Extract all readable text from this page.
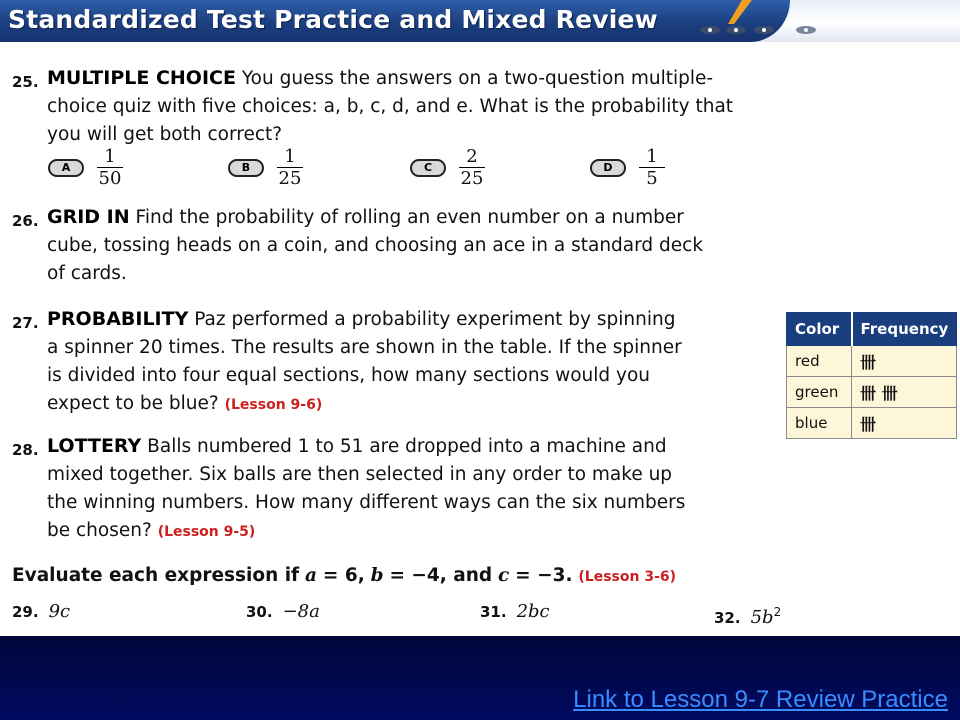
Standardized Test Practice and Mixed Review
25. MULTIPLE CHOICE You guess the answers on a two-question multiple-
choice quiz with five choices: a, b, c, d, and e. What is the probability that
you will get both correct?
A
1
50
B
1
25
C
2
25
D
1
5
26. GRID IN Find the probability of rolling an even number on a number
cube, tossing heads on a coin, and choosing an ace in a standard deck
of cards.
27. PROBABILITY Paz performed a probability experiment by spinning
a spinner 20 times. The results are shown in the table. If the spinner
is divided into four equal sections, how many sections would you
expect to be blue? (Lesson 9-6)
Color	Frequency
red	卌
green	卌 卌
blue	卌
28. LOTTERY Balls numbered 1 to 51 are dropped into a machine and
mixed together. Six balls are then selected in any order to make up
the winning numbers. How many different ways can the six numbers
be chosen? (Lesson 9-5)
Evaluate each expression if a = 6, b = −4, and c = −3. (Lesson 3-6)
29. 9c	30. −8a	31. 2bc	32. $5b^2$
Link to Lesson 9-7 Review Practice
